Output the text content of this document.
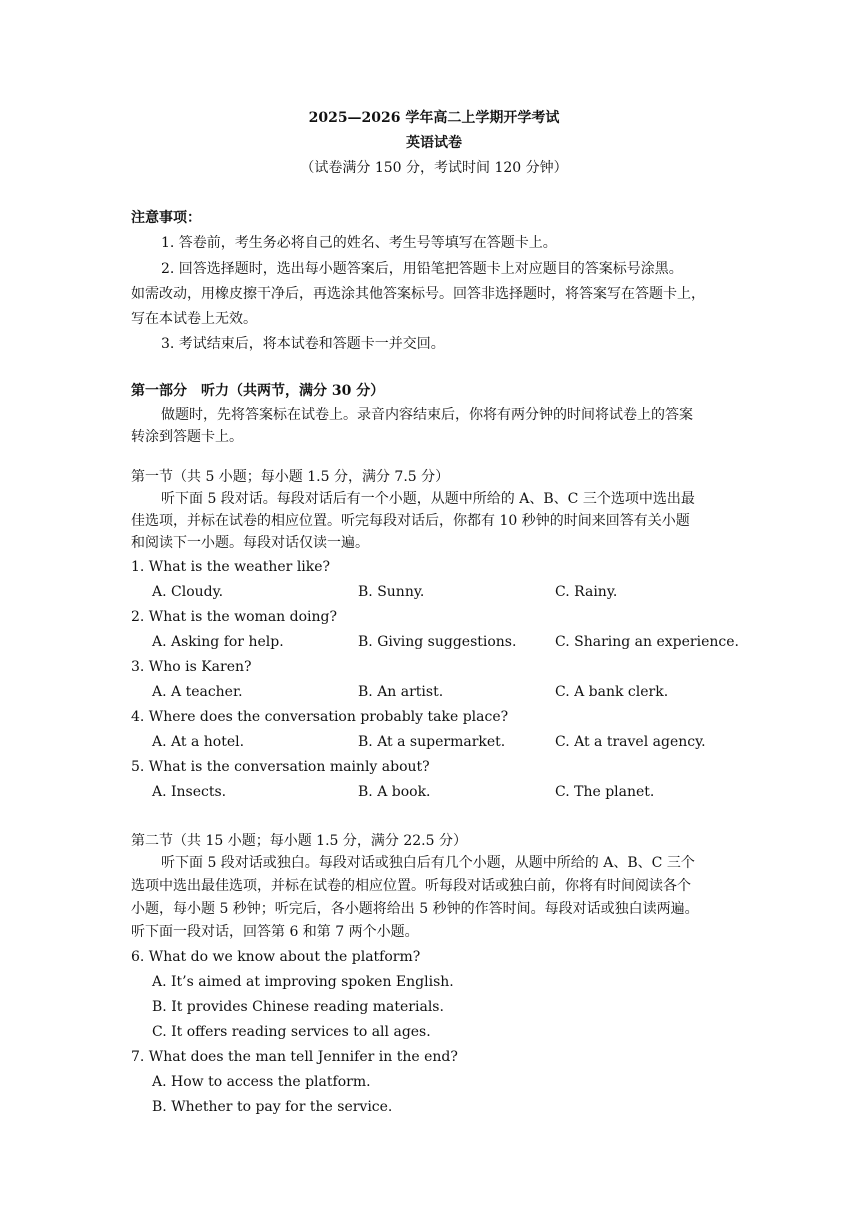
2025—2026 学年高二上学期开学考试
英语试卷
（试卷满分 150 分，考试时间 120 分钟）
注意事项：
1. 答卷前，考生务必将自己的姓名、考生号等填写在答题卡上。
2. 回答选择题时，选出每小题答案后，用铅笔把答题卡上对应题目的答案标号涂黑。
如需改动，用橡皮擦干净后，再选涂其他答案标号。回答非选择题时，将答案写在答题卡上，
写在本试卷上无效。
3. 考试结束后，将本试卷和答题卡一并交回。
第一部分　听力（共两节，满分 30 分）
做题时，先将答案标在试卷上。录音内容结束后，你将有两分钟的时间将试卷上的答案
转涂到答题卡上。
第一节（共 5 小题；每小题 1.5 分，满分 7.5 分）
听下面 5 段对话。每段对话后有一个小题，从题中所给的 A、B、C 三个选项中选出最
佳选项，并标在试卷的相应位置。听完每段对话后，你都有 10 秒钟的时间来回答有关小题
和阅读下一小题。每段对话仅读一遍。
1. What is the weather like?
A. Cloudy.	B. Sunny.	C. Rainy.
2. What is the woman doing?
A. Asking for help.	B. Giving suggestions.	C. Sharing an experience.
3. Who is Karen?
A. A teacher.	B. An artist.	C. A bank clerk.
4. Where does the conversation probably take place?
A. At a hotel.	B. At a supermarket.	C. At a travel agency.
5. What is the conversation mainly about?
A. Insects.	B. A book.	C. The planet.
第二节（共 15 小题；每小题 1.5 分，满分 22.5 分）
听下面 5 段对话或独白。每段对话或独白后有几个小题，从题中所给的 A、B、C 三个
选项中选出最佳选项，并标在试卷的相应位置。听每段对话或独白前，你将有时间阅读各个
小题，每小题 5 秒钟；听完后，各小题将给出 5 秒钟的作答时间。每段对话或独白读两遍。
听下面一段对话，回答第 6 和第 7 两个小题。
6. What do we know about the platform?
A. It’s aimed at improving spoken English.
B. It provides Chinese reading materials.
C. It offers reading services to all ages.
7. What does the man tell Jennifer in the end?
A. How to access the platform.
B. Whether to pay for the service.
